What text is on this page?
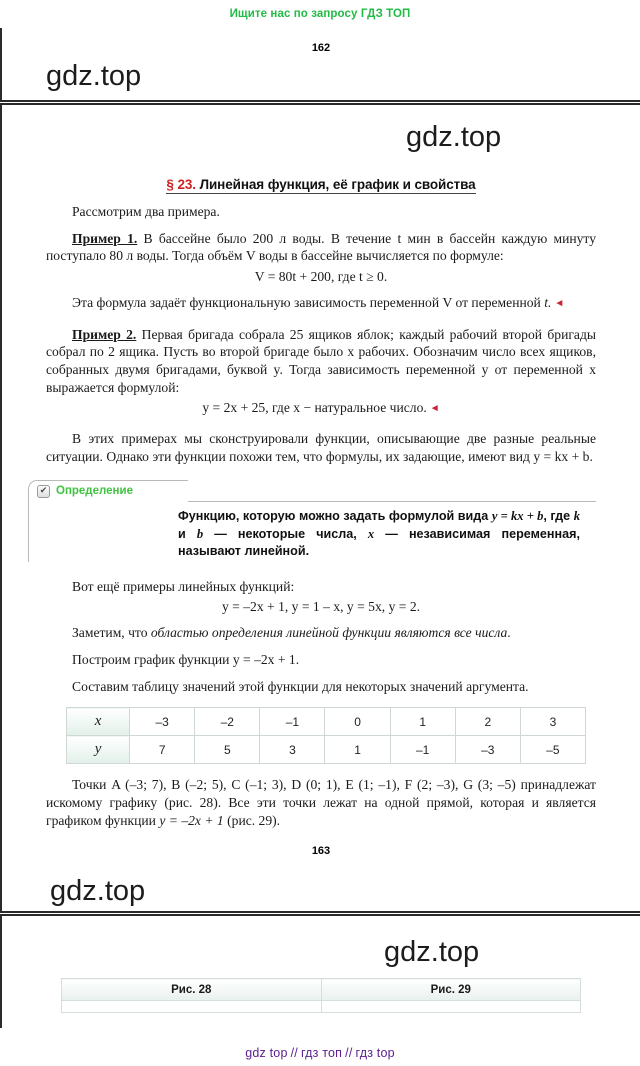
Ищите нас по запросу ГДЗ ТОП
162
gdz.top
gdz.top
§ 23. Линейная функция, её график и свойства

Рассмотрим два примера.

Пример 1. В бассейне было 200 л воды. В течение t мин в бассейн каждую минуту поступало 80 л воды. Тогда объём V воды в бассейне вычисляется по формуле:

V = 80t + 200, где t ≥ 0.

Эта формула задаёт функциональную зависимость переменной V от переменной t. ◄

Пример 2. Первая бригада собрала 25 ящиков яблок; каждый рабочий второй бригады собрал по 2 ящика. Пусть во второй бригаде было x рабочих. Обозначим число всех ящиков, собранных двумя бригадами, буквой y. Тогда зависимость переменной y от переменной x выражается формулой:

y = 2x + 25, где x − натуральное число. ◄

В этих примерах мы сконструировали функции, описывающие две разные реальные ситуации. Однако эти функции похожи тем, что формулы, их задающие, имеют вид y = kx + b.

✔ Определение
Функцию, которую можно задать формулой вида y = kx + b, где k и b — некоторые числа, x — независимая переменная, называют линейной.

Вот ещё примеры линейных функций:

y = –2x + 1, y = 1 – x, y = 5x, y = 2.

Заметим, что областью определения линейной функции являются все числа.

Построим график функции y = –2x + 1.

Составим таблицу значений этой функции для некоторых значений аргумента.

x	–3	–2	–1	0	1	2	3
y	7	5	3	1	–1	–3	–5

Точки A (–3; 7), B (–2; 5), C (–1; 3), D (0; 1), E (1; –1), F (2; –3), G (3; –5) принадлежат искомому графику (рис. 28). Все эти точки лежат на одной прямой, которая и является графиком функции y = –2x + 1 (рис. 29).

163
gdz.top
gdz.top
Рис. 28	Рис. 29

gdz top // гдз топ // гдз top
